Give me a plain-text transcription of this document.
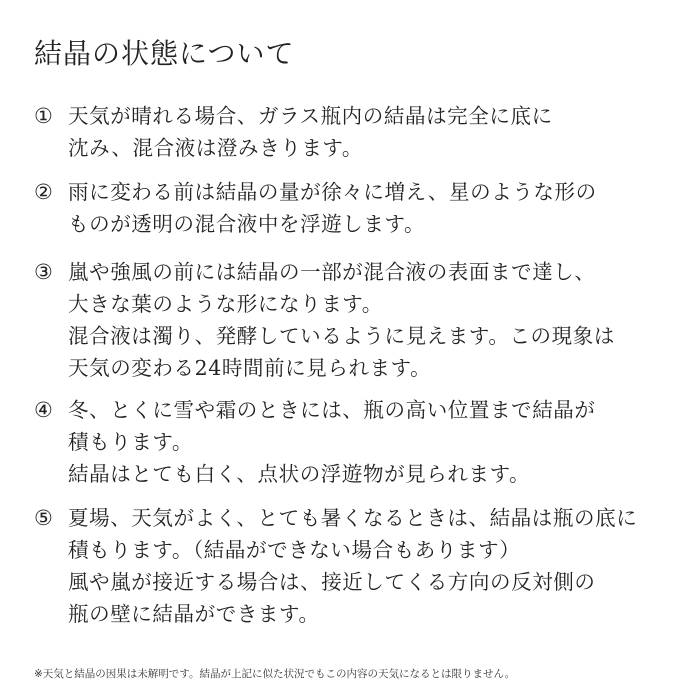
結晶の状態について
① 天気が晴れる場合、ガラス瓶内の結晶は完全に底に
沈み、混合液は澄みきります。
② 雨に変わる前は結晶の量が徐々に増え、星のような形の
ものが透明の混合液中を浮遊します。
③ 嵐や強風の前には結晶の一部が混合液の表面まで達し、
大きな葉のような形になります。
混合液は濁り、発酵しているように見えます。この現象は
天気の変わる24時間前に見られます。
④ 冬、とくに雪や霜のときには、瓶の高い位置まで結晶が
積もります。
結晶はとても白く、点状の浮遊物が見られます。
⑤ 夏場、天気がよく、とても暑くなるときは、結晶は瓶の底に
積もります。（結晶ができない場合もあります）
風や嵐が接近する場合は、接近してくる方向の反対側の
瓶の壁に結晶ができます。
※天気と結晶の因果は未解明です。結晶が上記に似た状況でもこの内容の天気になるとは限りません。
